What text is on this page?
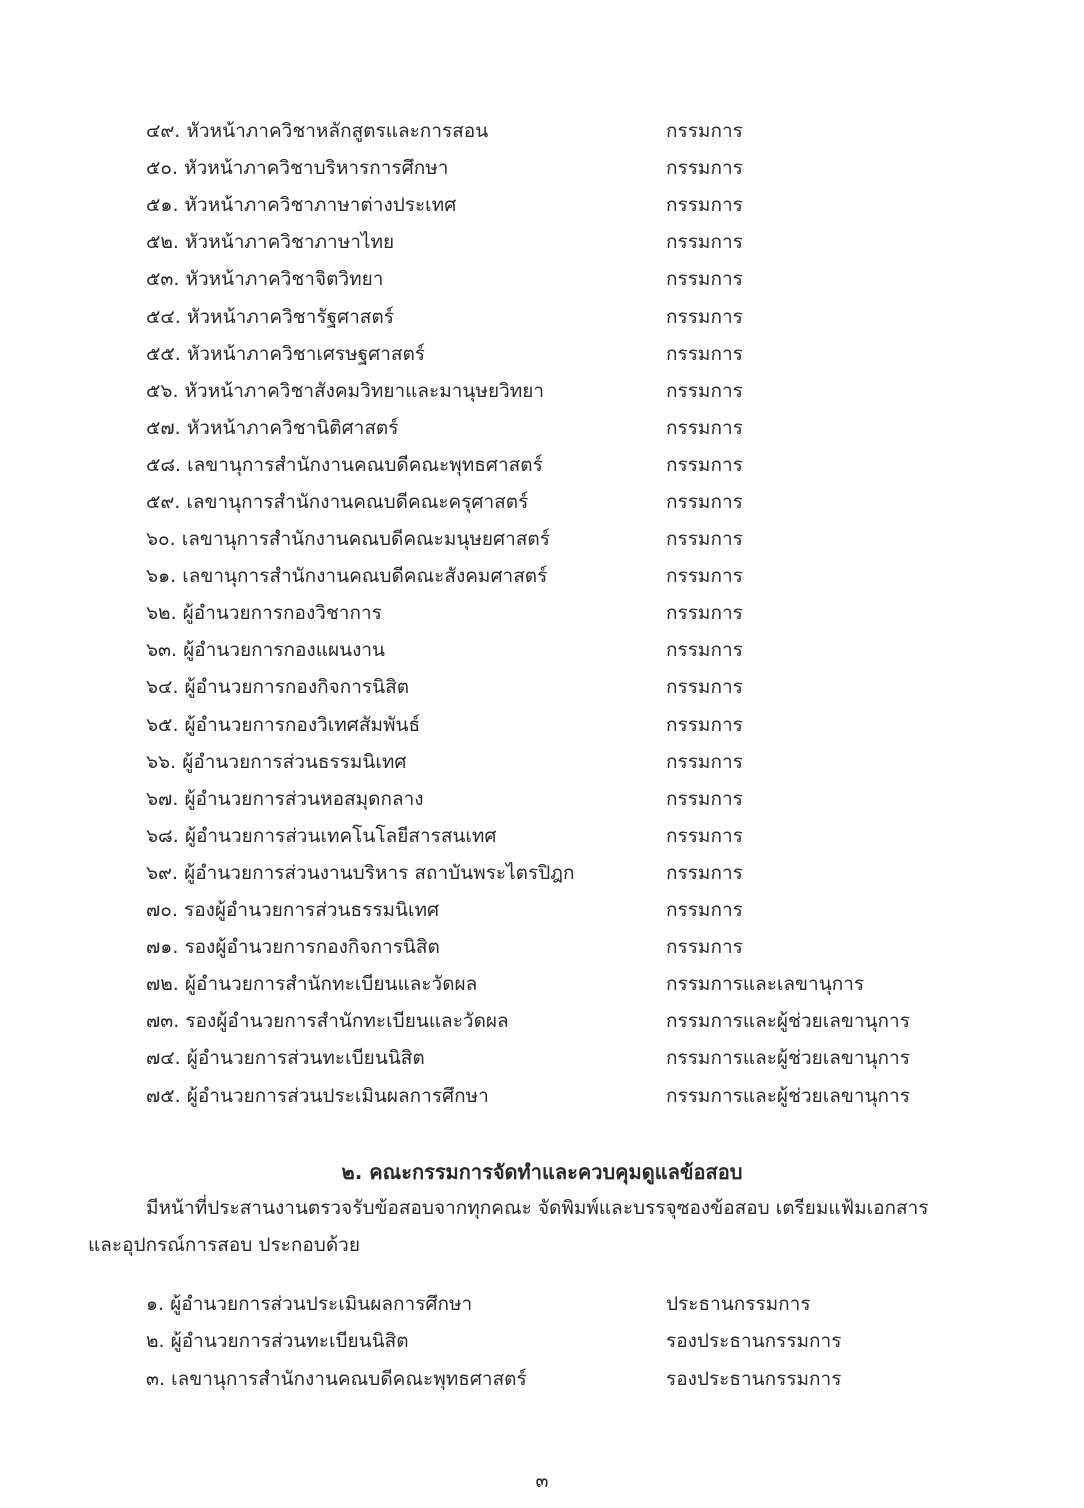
๔๙. หัวหน้าภาควิชาหลักสูตรและการสอน	กรรมการ
๕๐. หัวหน้าภาควิชาบริหารการศึกษา	กรรมการ
๕๑. หัวหน้าภาควิชาภาษาต่างประเทศ	กรรมการ
๕๒. หัวหน้าภาควิชาภาษาไทย	กรรมการ
๕๓. หัวหน้าภาควิชาจิตวิทยา	กรรมการ
๕๔. หัวหน้าภาควิชารัฐศาสตร์	กรรมการ
๕๕. หัวหน้าภาควิชาเศรษฐศาสตร์	กรรมการ
๕๖. หัวหน้าภาควิชาสังคมวิทยาและมานุษยวิทยา	กรรมการ
๕๗. หัวหน้าภาควิชานิติศาสตร์	กรรมการ
๕๘. เลขานุการสำนักงานคณบดีคณะพุทธศาสตร์	กรรมการ
๕๙. เลขานุการสำนักงานคณบดีคณะครุศาสตร์	กรรมการ
๖๐. เลขานุการสำนักงานคณบดีคณะมนุษยศาสตร์	กรรมการ
๖๑. เลขานุการสำนักงานคณบดีคณะสังคมศาสตร์	กรรมการ
๖๒. ผู้อำนวยการกองวิชาการ	กรรมการ
๖๓. ผู้อำนวยการกองแผนงาน	กรรมการ
๖๔. ผู้อำนวยการกองกิจการนิสิต	กรรมการ
๖๕. ผู้อำนวยการกองวิเทศสัมพันธ์	กรรมการ
๖๖. ผู้อำนวยการส่วนธรรมนิเทศ	กรรมการ
๖๗. ผู้อำนวยการส่วนหอสมุดกลาง	กรรมการ
๖๘. ผู้อำนวยการส่วนเทคโนโลยีสารสนเทศ	กรรมการ
๖๙. ผู้อำนวยการส่วนงานบริหาร สถาบันพระไตรปิฎก	กรรมการ
๗๐. รองผู้อำนวยการส่วนธรรมนิเทศ	กรรมการ
๗๑. รองผู้อำนวยการกองกิจการนิสิต	กรรมการ
๗๒. ผู้อำนวยการสำนักทะเบียนและวัดผล	กรรมการและเลขานุการ
๗๓. รองผู้อำนวยการสำนักทะเบียนและวัดผล	กรรมการและผู้ช่วยเลขานุการ
๗๔. ผู้อำนวยการส่วนทะเบียนนิสิต	กรรมการและผู้ช่วยเลขานุการ
๗๕. ผู้อำนวยการส่วนประเมินผลการศึกษา	กรรมการและผู้ช่วยเลขานุการ
๒. คณะกรรมการจัดทำและควบคุมดูแลข้อสอบ
มีหน้าที่ประสานงานตรวจรับข้อสอบจากทุกคณะ จัดพิมพ์และบรรจุซองข้อสอบ เตรียมแฟ้มเอกสาร
และอุปกรณ์การสอบ ประกอบด้วย
๑. ผู้อำนวยการส่วนประเมินผลการศึกษา	ประธานกรรมการ
๒. ผู้อำนวยการส่วนทะเบียนนิสิต	รองประธานกรรมการ
๓. เลขานุการสำนักงานคณบดีคณะพุทธศาสตร์	รองประธานกรรมการ
๓
